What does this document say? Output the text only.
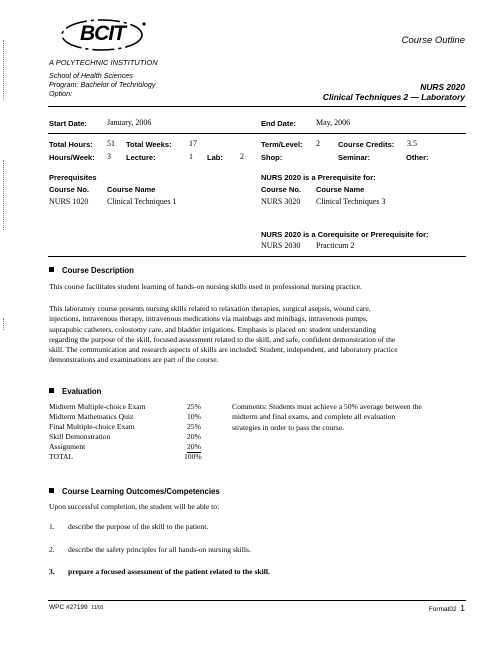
BCIT
A POLYTECHNIC INSTITUTION
School of Health Sciences
Program: Bachelor of Technology
Option:
Course Outline
NURS 2020
Clinical Techniques 2 — Laboratory
Start Date:	January, 2006	End Date: May, 2006
Total Hours: 51 Total Weeks: 17	Term/Level: 2 Course Credits: 3.5
Hours/Week: 3 Lecture:	1 Lab: 2 Shop:	Seminar:	Other:
Prerequisites
Course No. Course Name
NURS 1020 Clinical Techniques 1
NURS 2020 is a Prerequisite for:
Course No. Course Name
NURS 3020 Clinical Techniques 3
NURS 2020 is a Corequisite or Prerequisite for:
NURS 2030 Practicum 2
Course Description
This course facilitates student learning of hands-on nursing skills used in professional nursing practice.
This laboratory course presents nursing skills related to relaxation therapies, surgical asepsis, wound care,
injections, intravenous therapy, intravenous medications via mainbags and minibags, intravenous pumps,
suprapubic catheters, colostomy care, and bladder irrigations. Emphasis is placed on: student understanding
regarding the purpose of the skill, focused assessment related to the skill, and safe, confident demonstration of the
skill. The communication and research aspects of skills are included. Student, independent, and laboratory practice
demonstrations and examinations are part of the course.
Evaluation
Midterm Multiple-choice Exam	25%
Midterm Mathematics Quiz	10%
Final Multiple-choice Exam	25%
Skill Demonstration	20%
Assignment	20%
TOTAL	100%
Comments: Students must achieve a 50% average between the
midterm and final exams, and complete all evaluation
strategies in order to pass the course.
Course Learning Outcomes/Competencies
Upon successful completion, the student will be able to:
1. describe the purpose of the skill to the patient.
2. describe the safety principles for all hands-on nursing skills.
3. prepare a focused assessment of the patient related to the skill.
WPC #27199 11/03	Format02 1
